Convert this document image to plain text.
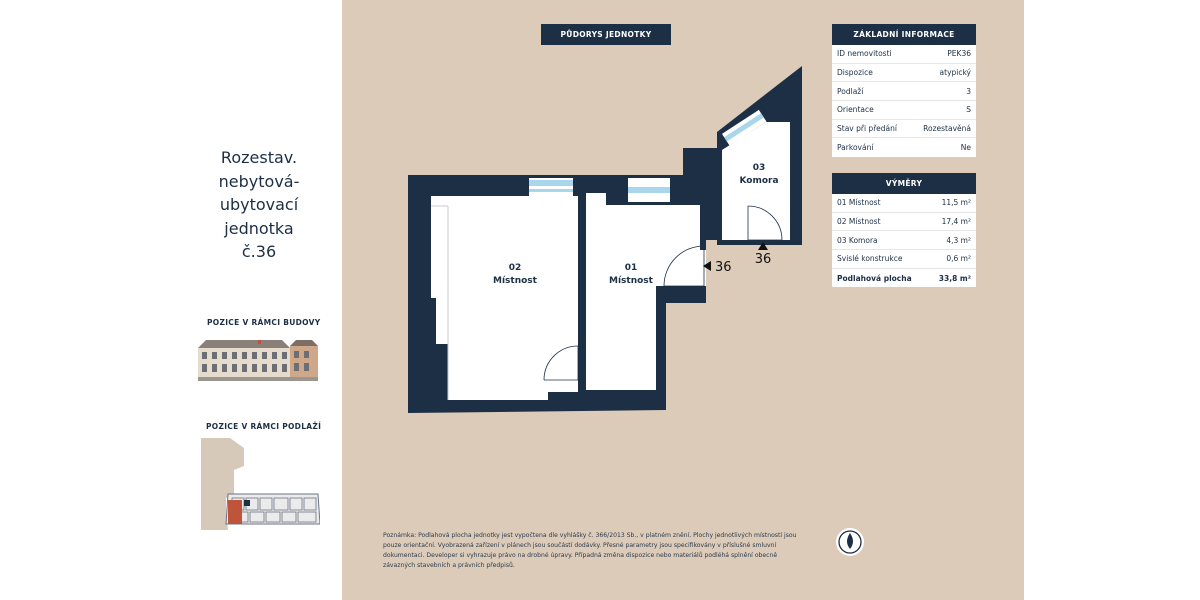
Rozestav.
nebytová-
ubytovací
jednotka
č.36
POZICE V RÁMCI BUDOVY
POZICE V RÁMCI PODLAŽÍ
PŮDORYS JEDNOTKY
02
Místnost
01
Místnost
03
Komora
36
36
ZÁKLADNÍ INFORMACE
ID nemovitosti	PEK36
Dispozice	atypický
Podlaží	3
Orientace	S
Stav při předání	Rozestavěná
Parkování	Ne
VÝMĚRY
01 Místnost	11,5 m²
02 Místnost	17,4 m²
03 Komora	4,3 m²
Svislé konstrukce	0,6 m²
Podlahová plocha	33,8 m²
Poznámka: Podlahová plocha jednotky jest vypočtena dle vyhlášky č. 366/2013 Sb., v platném znění. Plochy jednotlivých místností jsou pouze orientační. Vyobrazená zařízení v plánech jsou součástí dodávky. Přesné parametry jsou specifikovány v příslušné smluvní dokumentaci. Developer si vyhrazuje právo na drobné úpravy. Případná změna dispozice nebo materiálů podléhá splnění obecně závazných stavebních a právních předpisů.
